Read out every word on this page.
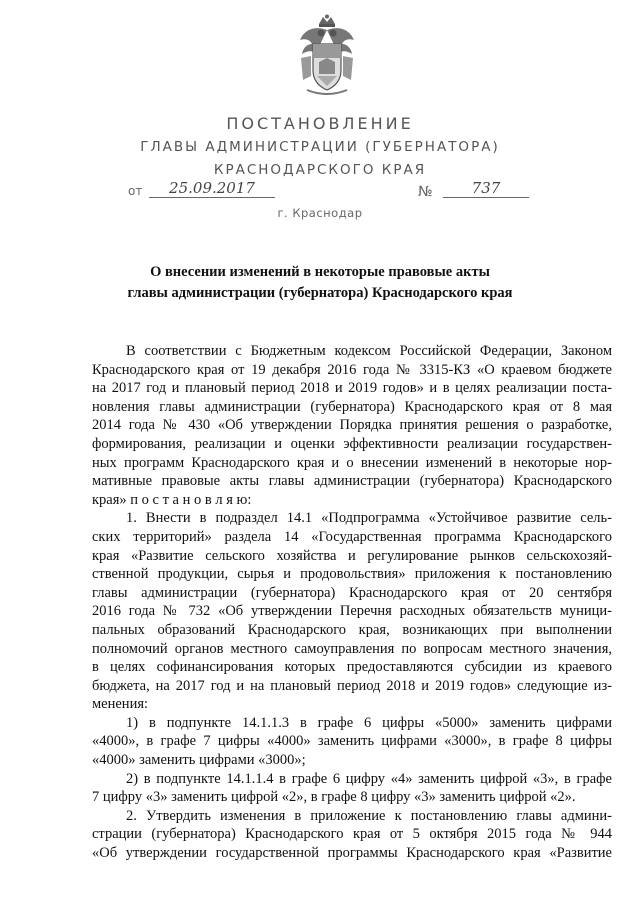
ПОСТАНОВЛЕНИЕ
ГЛАВЫ АДМИНИСТРАЦИИ (ГУБЕРНАТОРА)
КРАСНОДАРСКОГО КРАЯ
от	25.09.2017	№	737
г. Краснодар
О внесении изменений в некоторые правовые акты
главы администрации (губернатора) Краснодарского края
В соответствии с Бюджетным кодексом Российской Федерации, Законом
Краснодарского края от 19 декабря 2016 года № 3315-КЗ «О краевом бюджете
на 2017 год и плановый период 2018 и 2019 годов» и в целях реализации поста-
новления главы администрации (губернатора) Краснодарского края от 8 мая
2014 года № 430 «Об утверждении Порядка принятия решения о разработке,
формирования, реализации и оценки эффективности реализации государствен-
ных программ Краснодарского края и о внесении изменений в некоторые нор-
мативные правовые акты главы администрации (губернатора) Краснодарского
края» п о с т а н о в л я ю:
1. Внести в подраздел 14.1 «Подпрограмма «Устойчивое развитие сель-
ских территорий» раздела 14 «Государственная программа Краснодарского
края «Развитие сельского хозяйства и регулирование рынков сельскохозяй-
ственной продукции, сырья и продовольствия» приложения к постановлению
главы администрации (губернатора) Краснодарского края от 20 сентября
2016 года № 732 «Об утверждении Перечня расходных обязательств муници-
пальных образований Краснодарского края, возникающих при выполнении
полномочий органов местного самоуправления по вопросам местного значения,
в целях софинансирования которых предоставляются субсидии из краевого
бюджета, на 2017 год и на плановый период 2018 и 2019 годов» следующие из-
менения:
1) в подпункте 14.1.1.3 в графе 6 цифры «5000» заменить цифрами
«4000», в графе 7 цифры «4000» заменить цифрами «3000», в графе 8 цифры
«4000» заменить цифрами «3000»;
2) в подпункте 14.1.1.4 в графе 6 цифру «4» заменить цифрой «3», в графе
7 цифру «3» заменить цифрой «2», в графе 8 цифру «3» заменить цифрой «2».
2. Утвердить изменения в приложение к постановлению главы админи-
страции (губернатора) Краснодарского края от 5 октября 2015 года № 944
«Об утверждении государственной программы Краснодарского края «Развитие
